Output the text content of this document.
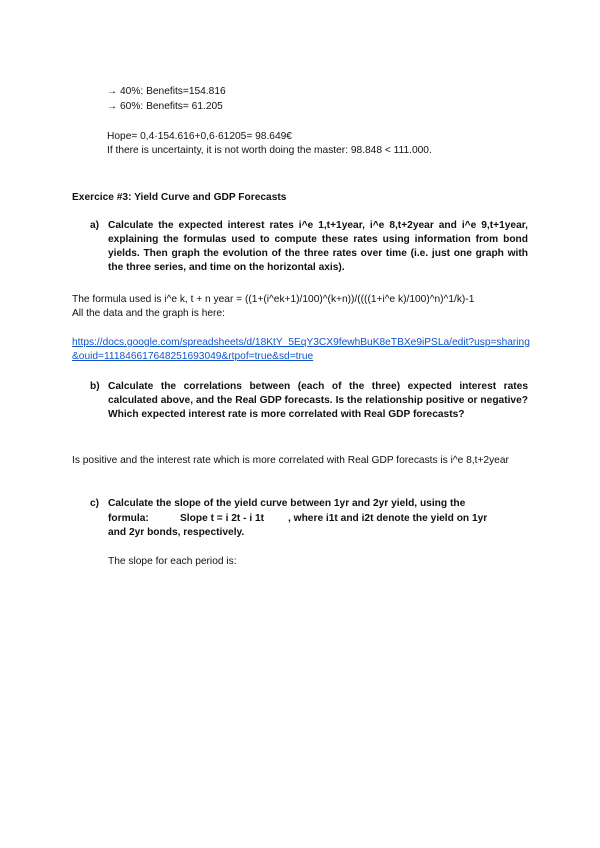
→ 40%: Benefits=154.816
→ 60%: Benefits= 61.205
Hope= 0,4·154.616+0,6·61205= 98.649€
If there is uncertainty, it is not worth doing the master: 98.848 < 111.000.
Exercice #3: Yield Curve and GDP Forecasts
a) Calculate the expected interest rates i^e 1,t+1year, i^e 8,t+2year and i^e 9,t+1year, explaining the formulas used to compute these rates using information from bond yields. Then graph the evolution of the three rates over time (i.e. just one graph with the three series, and time on the horizontal axis).
The formula used is i^e k, t + n year = ((1+(i^ek+1)/100)^(k+n))/((((1+i^e k)/100)^n)^1/k)-1
All the data and the graph is here:
https://docs.google.com/spreadsheets/d/18KtY_5EqY3CX9fewhBuK8eTBXe9iPSLa/edit?usp=sharing&ouid=111846617648251693049&rtpof=true&sd=true
b) Calculate the correlations between (each of the three) expected interest rates calculated above, and the Real GDP forecasts. Is the relationship positive or negative? Which expected interest rate is more correlated with Real GDP forecasts?
Is positive and the interest rate which is more correlated with Real GDP forecasts is i^e 8,t+2year
c) Calculate the slope of the yield curve between 1yr and 2yr yield, using the
formula:	Slope t = i 2t - i 1t , where i1t and i2t denote the yield on 1yr
and 2yr bonds, respectively.
The slope for each period is:
